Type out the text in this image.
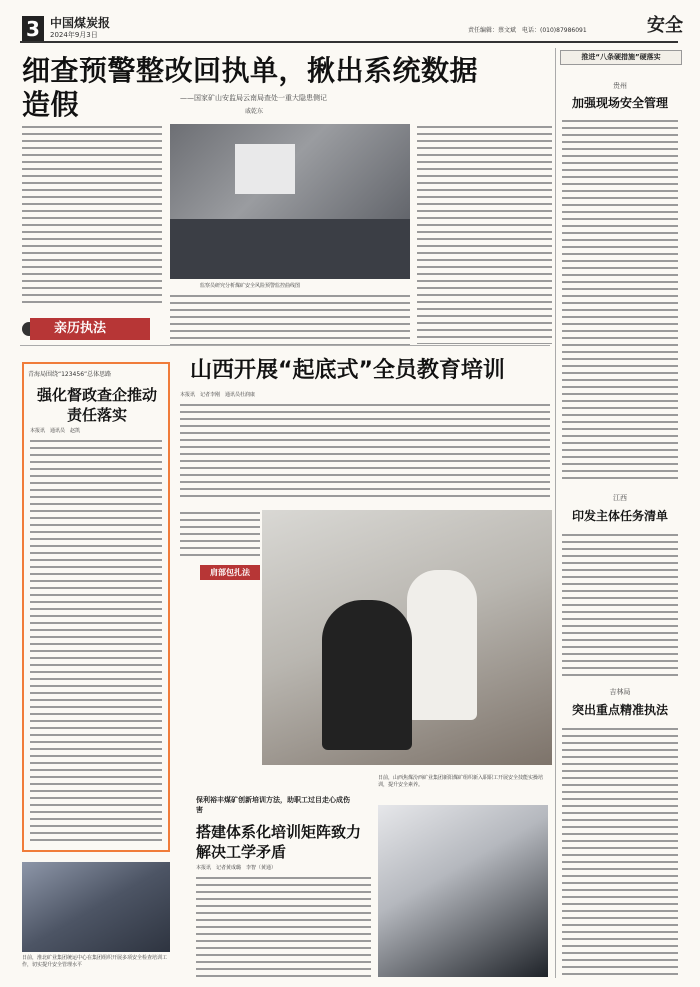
3 中国煤炭报
2024年9月3日
责任编辑：蔡文斌　电话：(010)87986091	安全
细查预警整改回执单，揪出系统数据造假	——国家矿山安监局云南局查处一重大隐患侧记
戚乾东
监察员研究分析煤矿安全风险预警监控曲线图
推进“八条硬措施”硬落实
贵州
加强现场安全管理
江西
印发主体任务清单
吉林局
突出重点精准执法
亲历执法
青海局围绕“123456”总体思路
强化督政查企推动责任落实
本报讯　通讯员　赵凯
山西开展“起底式”全员教育培训
本报讯　记者李刚　通讯员杜润康
肩部包扎法
日前，淮北矿业集团统运中心在集团组织开展多项安全检查培训工作，切实提升安全管理水平
保利裕丰煤矿创新培训方法，助职工过目走心成伤害
搭建体系化培训矩阵致力解决工学矛盾
本报讯　记者黄成璐　李智（黄通）
日前，山西焦煤汾西矿业集团新阳煤矿组织新入职职工开展安全技能实操培训，提升安全素养。
